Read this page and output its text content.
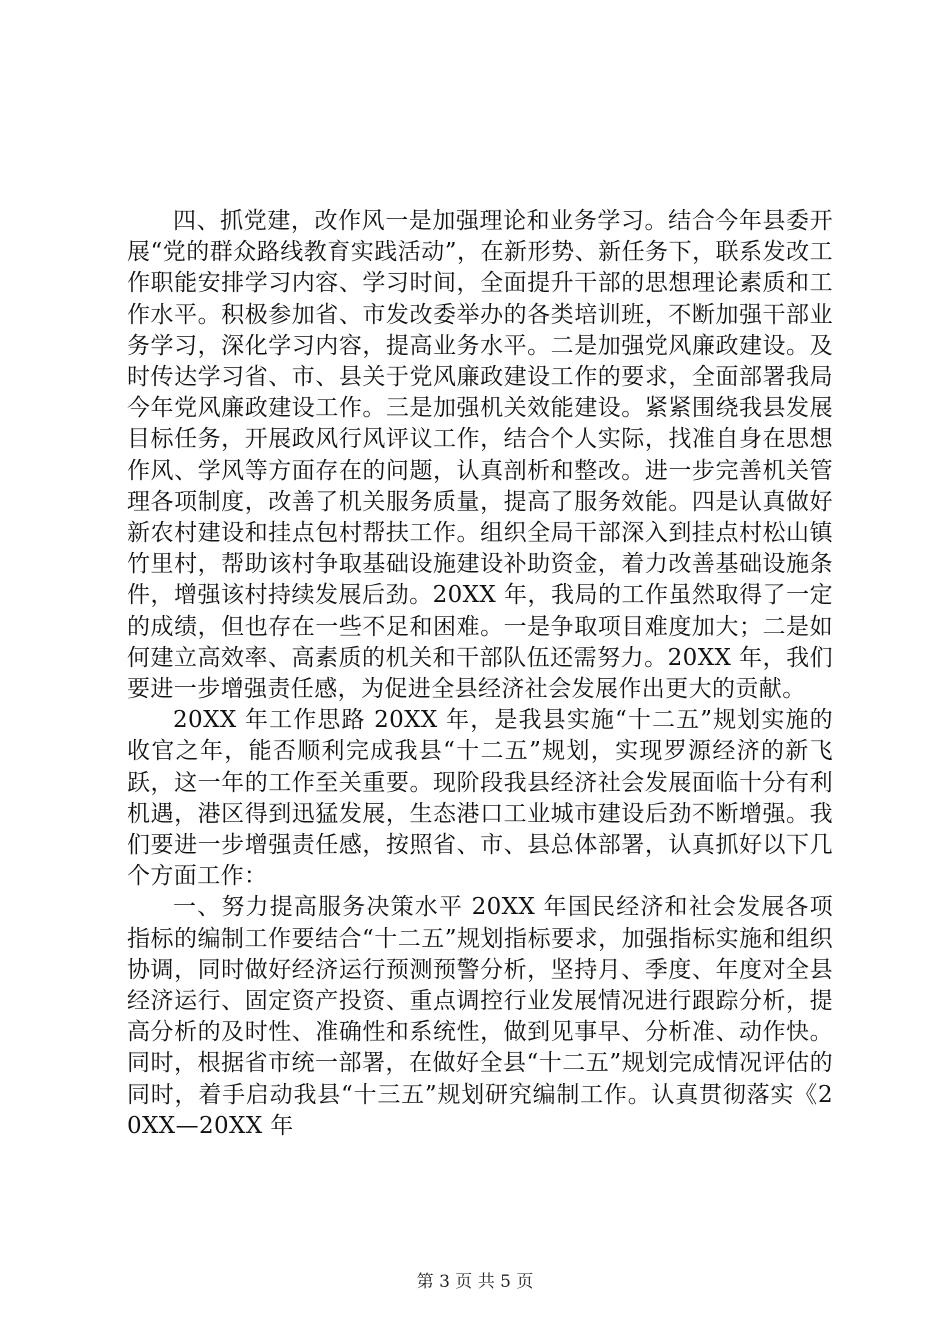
四、抓党建，改作风一是加强理论和业务学习。结合今年县委开展“党的群众路线教育实践活动”，在新形势、新任务下，联系发改工作职能安排学习内容、学习时间，全面提升干部的思想理论素质和工作水平。积极参加省、市发改委举办的各类培训班，不断加强干部业务学习，深化学习内容，提高业务水平。二是加强党风廉政建设。及时传达学习省、市、县关于党风廉政建设工作的要求，全面部署我局今年党风廉政建设工作。三是加强机关效能建设。紧紧围绕我县发展目标任务，开展政风行风评议工作，结合个人实际，找准自身在思想作风、学风等方面存在的问题，认真剖析和整改。进一步完善机关管理各项制度，改善了机关服务质量，提高了服务效能。四是认真做好新农村建设和挂点包村帮扶工作。组织全局干部深入到挂点村松山镇竹里村，帮助该村争取基础设施建设补助资金，着力改善基础设施条件，增强该村持续发展后劲。20XX 年，我局的工作虽然取得了一定的成绩，但也存在一些不足和困难。一是争取项目难度加大；二是如何建立高效率、高素质的机关和干部队伍还需努力。20XX 年，我们要进一步增强责任感，为促进全县经济社会发展作出更大的贡献。

20XX 年工作思路 20XX 年，是我县实施“十二五”规划实施的收官之年，能否顺利完成我县“十二五”规划，实现罗源经济的新飞跃，这一年的工作至关重要。现阶段我县经济社会发展面临十分有利机遇，港区得到迅猛发展，生态港口工业城市建设后劲不断增强。我们要进一步增强责任感，按照省、市、县总体部署，认真抓好以下几个方面工作：

一、努力提高服务决策水平 20XX 年国民经济和社会发展各项指标的编制工作要结合“十二五”规划指标要求，加强指标实施和组织协调，同时做好经济运行预测预警分析，坚持月、季度、年度对全县经济运行、固定资产投资、重点调控行业发展情况进行跟踪分析，提高分析的及时性、准确性和系统性，做到见事早、分析准、动作快。同时，根据省市统一部署，在做好全县“十二五”规划完成情况评估的同时，着手启动我县“十三五”规划研究编制工作。认真贯彻落实《20XX—20XX 年

第 3 页 共 5 页
